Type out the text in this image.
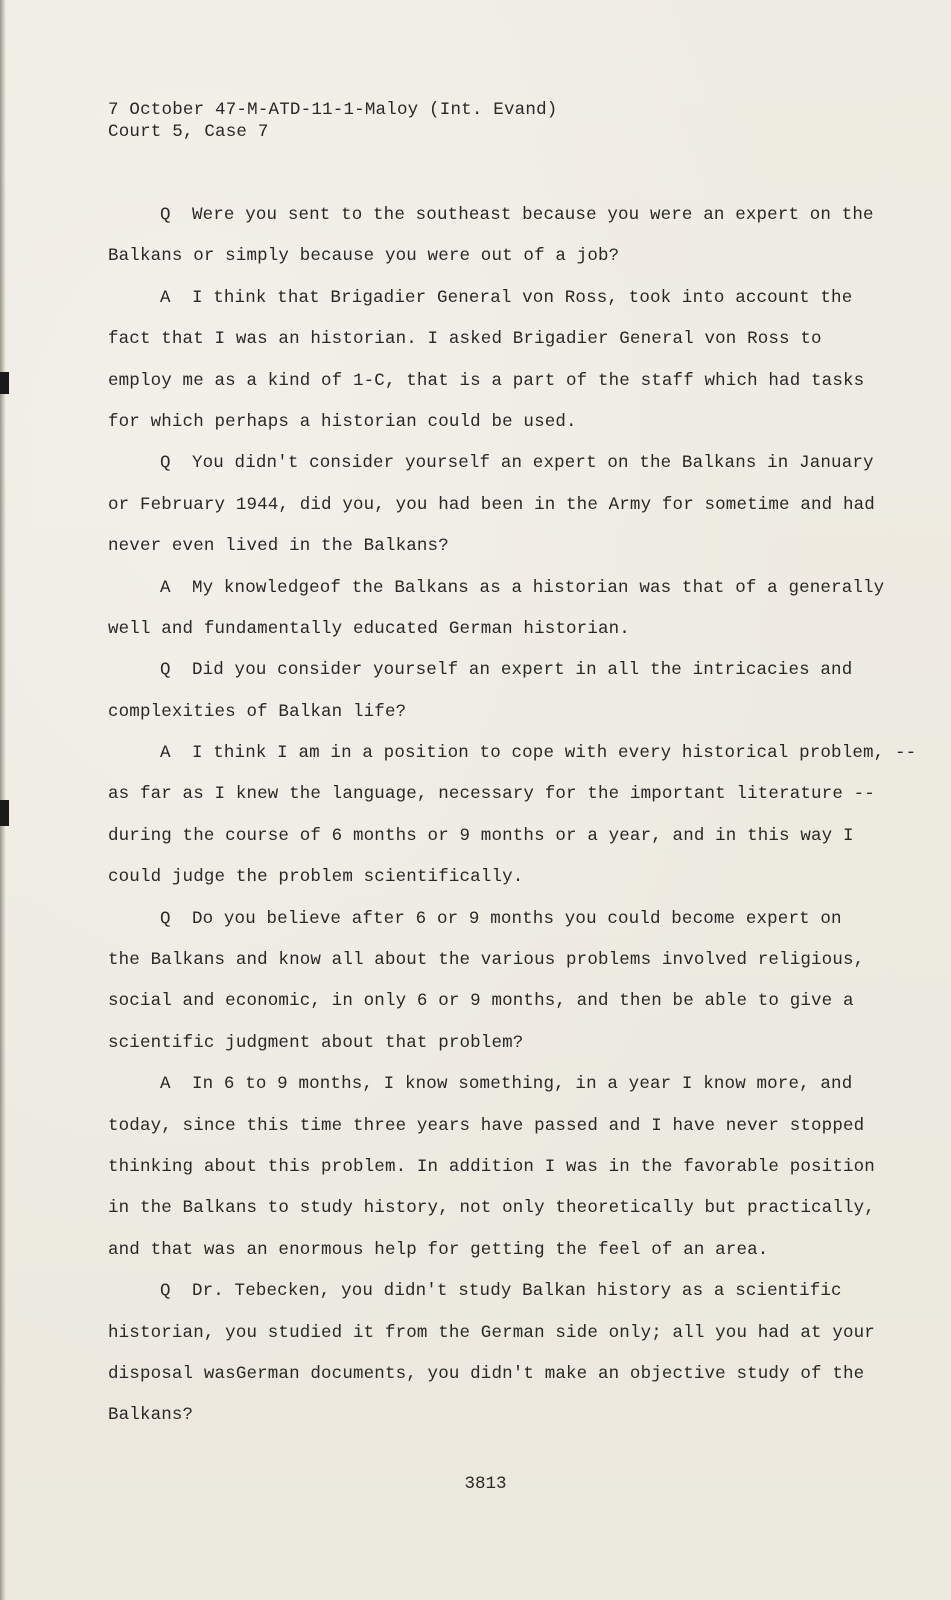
7 October 47-M-ATD-11-1-Maloy (Int. Evand)
Court 5, Case 7
Q  Were you sent to the southeast because you were an expert on the
Balkans or simply because you were out of a job?
A  I think that Brigadier General von Ross, took into account the
fact that I was an historian. I asked Brigadier General von Ross to
employ me as a kind of 1-C, that is a part of the staff which had tasks
for which perhaps a historian could be used.
Q  You didn't consider yourself an expert on the Balkans in January
or February 1944, did you, you had been in the Army for sometime and had
never even lived in the Balkans?
A  My knowledgeof the Balkans as a historian was that of a generally
well and fundamentally educated German historian.
Q  Did you consider yourself an expert in all the intricacies and
complexities of Balkan life?
A  I think I am in a position to cope with every historical problem, --
as far as I knew the language, necessary for the important literature --
during the course of 6 months or 9 months or a year, and in this way I
could judge the problem scientifically.
Q  Do you believe after 6 or 9 months you could become expert on
the Balkans and know all about the various problems involved religious,
social and economic, in only 6 or 9 months, and then be able to give a
scientific judgment about that problem?
A  In 6 to 9 months, I know something, in a year I know more, and
today, since this time three years have passed and I have never stopped
thinking about this problem. In addition I was in the favorable position
in the Balkans to study history, not only theoretically but practically,
and that was an enormous help for getting the feel of an area.
Q  Dr. Tebecken, you didn't study Balkan history as a scientific
historian, you studied it from the German side only; all you had at your
disposal wasGerman documents, you didn't make an objective study of the
Balkans?
3813
